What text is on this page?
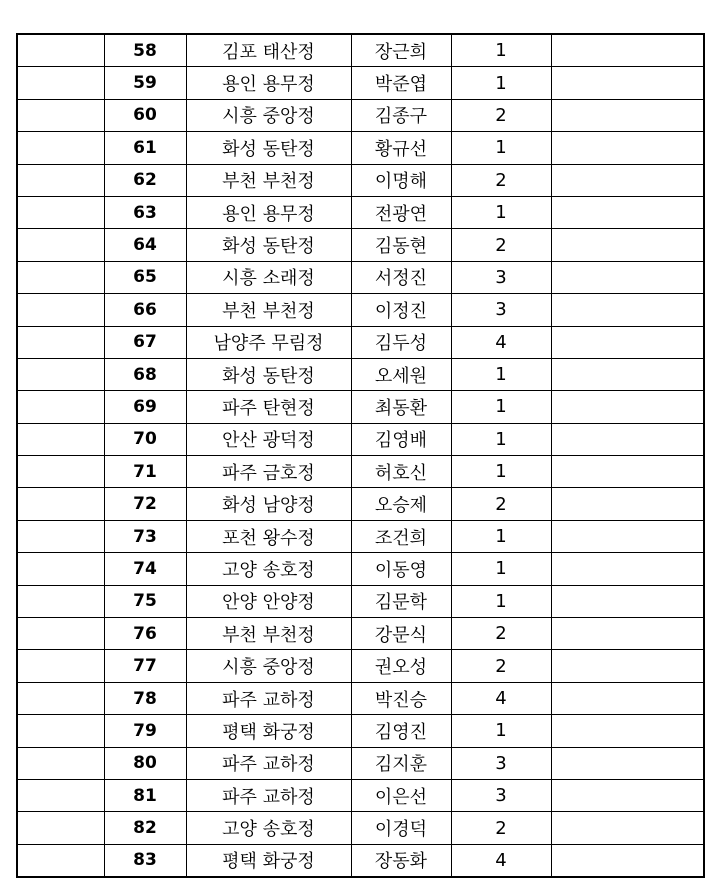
	58	김포 태산정	장근희	1	
	59	용인 용무정	박준엽	1	
	60	시흥 중앙정	김종구	2	
	61	화성 동탄정	황규선	1	
	62	부천 부천정	이명해	2	
	63	용인 용무정	전광연	1	
	64	화성 동탄정	김동현	2	
	65	시흥 소래정	서정진	3	
	66	부천 부천정	이정진	3	
	67	남양주 무림정	김두성	4	
	68	화성 동탄정	오세원	1	
	69	파주 탄현정	최동환	1	
	70	안산 광덕정	김영배	1	
	71	파주 금호정	허호신	1	
	72	화성 남양정	오승제	2	
	73	포천 왕수정	조건희	1	
	74	고양 송호정	이동영	1	
	75	안양 안양정	김문학	1	
	76	부천 부천정	강문식	2	
	77	시흥 중앙정	권오성	2	
	78	파주 교하정	박진승	4	
	79	평택 화궁정	김영진	1	
	80	파주 교하정	김지훈	3	
	81	파주 교하정	이은선	3	
	82	고양 송호정	이경덕	2	
	83	평택 화궁정	장동화	4	
